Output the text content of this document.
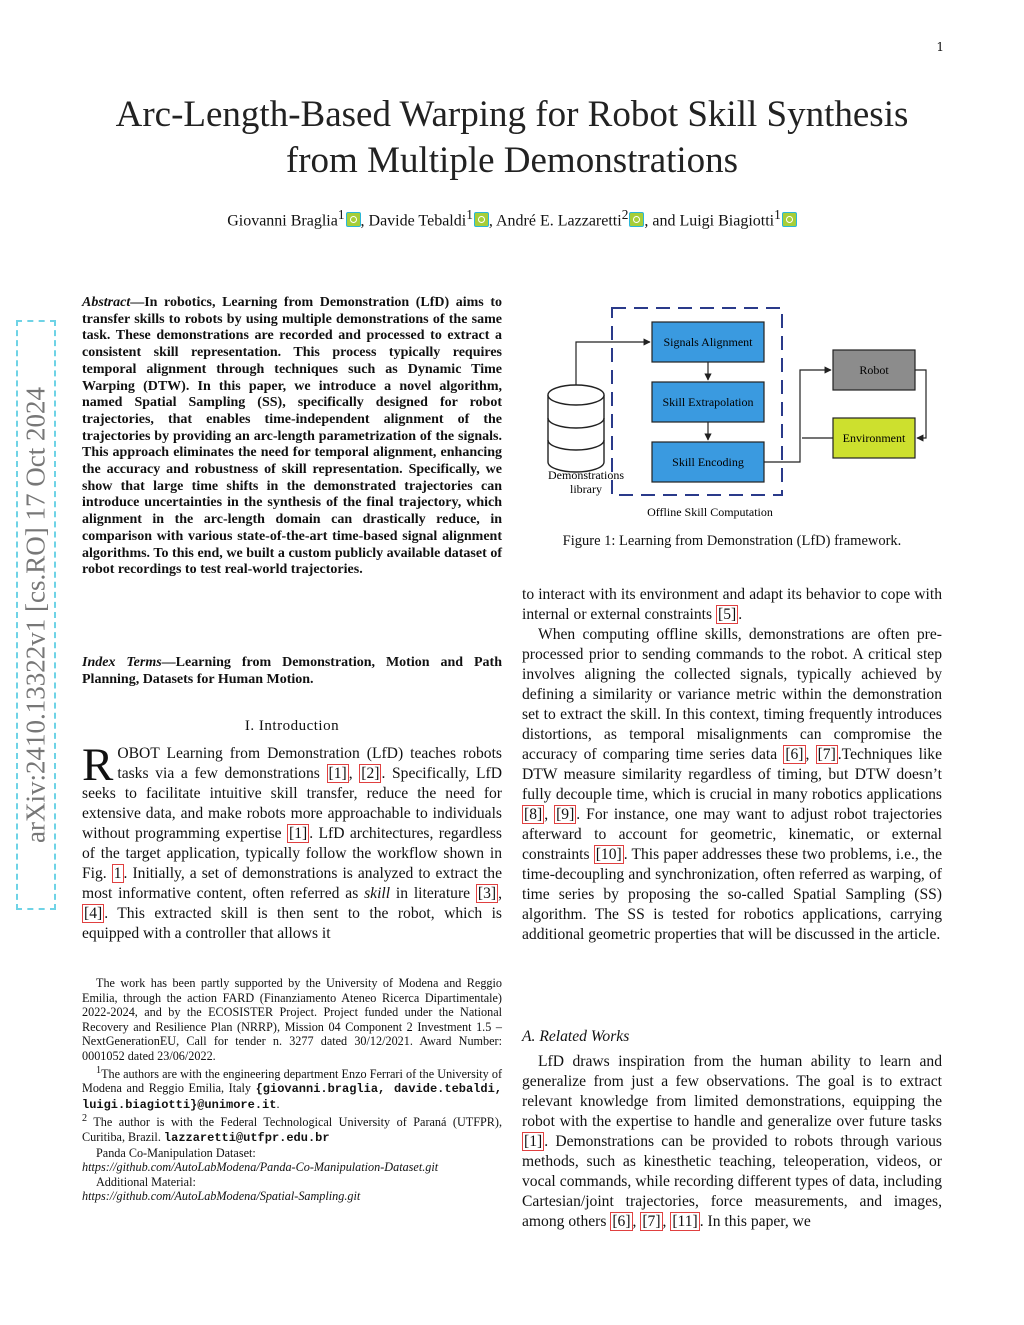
1
Arc-Length-Based Warping for Robot Skill Synthesis
from Multiple Demonstrations
Giovanni Braglia$^1$ , Davide Tebaldi$^1$ , André E. Lazzaretti$^2$ , and Luigi Biagiotti$^1$
arXiv:2410.13322v1 [cs.RO] 17 Oct 2024
Abstract—In robotics, Learning from Demonstration (LfD) aims to transfer skills to robots by using multiple demonstrations of the same task. These demonstrations are recorded and processed to extract a consistent skill representation. This process typically requires temporal alignment through techniques such as Dynamic Time Warping (DTW). In this paper, we introduce a novel algorithm, named Spatial Sampling (SS), specifically designed for robot trajectories, that enables time-independent alignment of the trajectories by providing an arc-length parametrization of the signals. This approach eliminates the need for temporal alignment, enhancing the accuracy and robustness of skill representation. Specifically, we show that large time shifts in the demonstrated trajectories can introduce uncertainties in the synthesis of the final trajectory, which alignment in the arc-length domain can drastically reduce, in comparison with various state-of-the-art time-based signal alignment algorithms. To this end, we built a custom publicly available dataset of robot recordings to test real-world trajectories.
Index Terms—Learning from Demonstration, Motion and Path Planning, Datasets for Human Motion.
I. Introduction
ROBOT Learning from Demonstration (LfD) teaches robots tasks via a few demonstrations [1] , [2] . Specifically, LfD seeks to facilitate intuitive skill transfer, reduce the need for extensive data, and make robots more approachable to individuals without programming expertise [1] . LfD architectures, regardless of the target application, typically follow the workflow shown in Fig. 1 . Initially, a set of demonstrations is analyzed to extract the most informative content, often referred as skill in literature [3] , [4] . This extracted skill is then sent to the robot, which is equipped with a controller that allows it

The work has been partly supported by the University of Modena and Reggio Emilia, through the action FARD (Finanziamento Ateneo Ricerca Dipartimentale) 2022-2024, and by the ECOSISTER Project. Project funded under the National Recovery and Resilience Plan (NRRP), Mission 04 Component 2 Investment 1.5 – NextGenerationEU, Call for tender n. 3277 dated 30/12/2021. Award Number: 0001052 dated 23/06/2022.

$^1$The authors are with the engineering department Enzo Ferrari of the University of Modena and Reggio Emilia, Italy {giovanni.braglia, davide.tebaldi, luigi.biagiotti}@unimore.it.

$^2$ The author is with the Federal Technological University of Paraná (UTFPR), Curitiba, Brazil. lazzaretti@utfpr.edu.br

Panda Co-Manipulation Dataset:

https://github.com/AutoLabModena/Panda-Co-Manipulation-Dataset.git

Additional Material:

https://github.com/AutoLabModena/Spatial-Sampling.git

Offline Skill Computation
Demonstrations
library
Signals Alignment
Skill Extrapolation
Skill Encoding
Robot
Environment
Figure 1: Learning from Demonstration (LfD) framework.

to interact with its environment and adapt its behavior to cope with internal or external constraints [5] .

When computing offline skills, demonstrations are often pre-processed prior to sending commands to the robot. A critical step involves aligning the collected signals, typically achieved by defining a similarity or variance metric within the demonstration set to extract the skill. In this context, timing frequently introduces distortions, as temporal misalignments can compromise the accuracy of comparing time series data [6] , [7] .Techniques like DTW measure similarity regardless of timing, but DTW doesn’t fully decouple time, which is crucial in many robotics applications [8] , [9] . For instance, one may want to adjust robot trajectories afterward to account for geometric, kinematic, or external constraints [10] . This paper addresses these two problems, i.e., the time-decoupling and synchronization, often referred as warping, of time series by proposing the so-called Spatial Sampling (SS) algorithm. The SS is tested for robotics applications, carrying additional geometric properties that will be discussed in the article.

A. Related Works

LfD draws inspiration from the human ability to learn and generalize from just a few observations. The goal is to extract relevant knowledge from limited demonstrations, equipping the robot with the expertise to handle and generalize over future tasks [1] . Demonstrations can be provided to robots through various methods, such as kinesthetic teaching, teleoperation, videos, or vocal commands, while recording different types of data, including Cartesian/joint trajectories, force measurements, and images, among others [6] , [7] , [11] . In this paper, we
